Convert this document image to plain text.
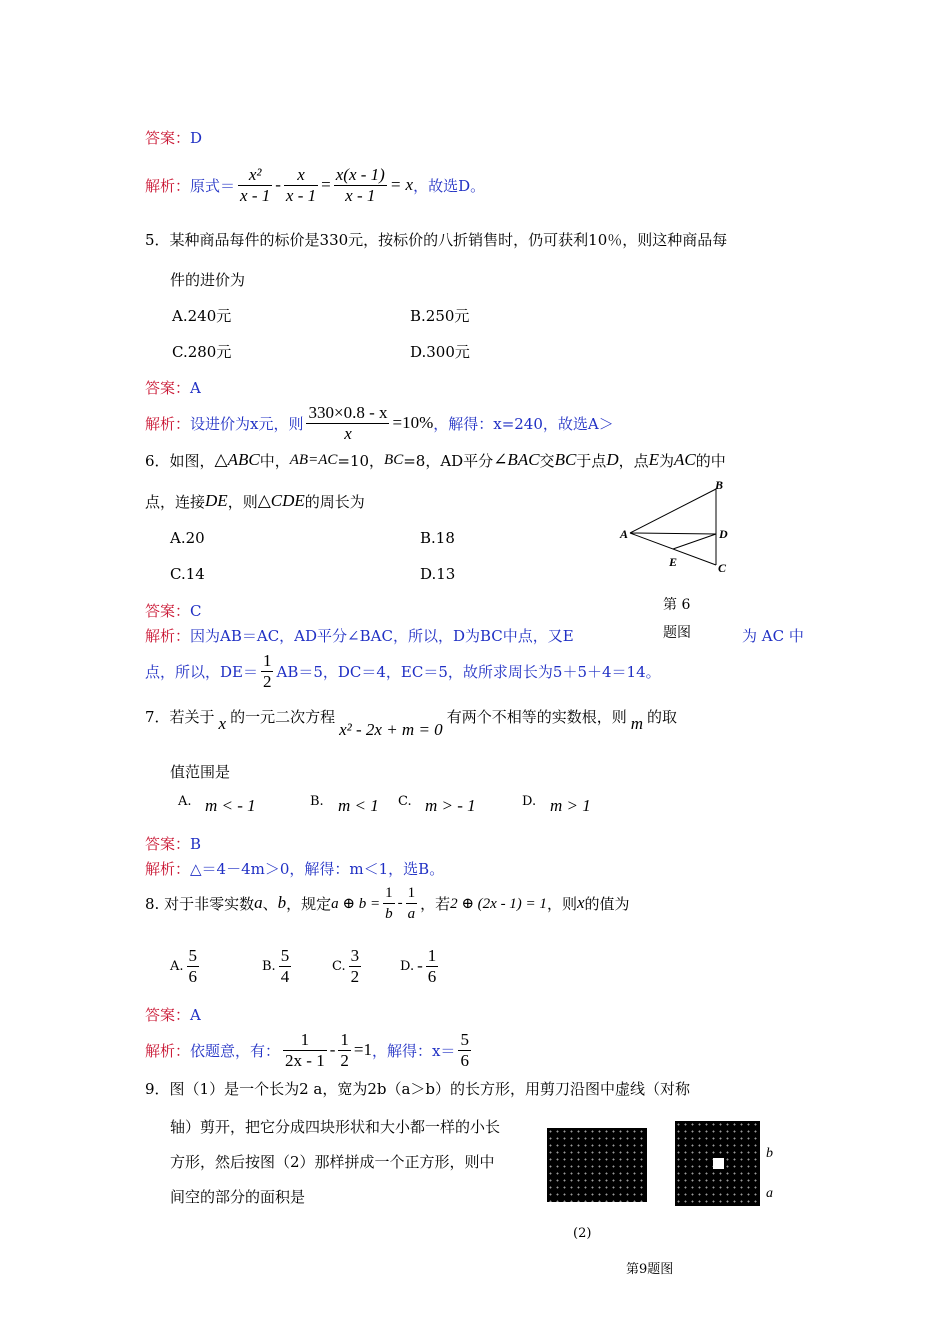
答案：D
解析： 原式＝ $\frac{\text{x²}}{x - 1} - \frac{x}{x - 1} = \frac{x(x - 1)}{x - 1} = x$ ，故选D。
5．某种商品每件的标价是330元，按标价的八折销售时，仍可获利10％，则这种商品每
件的进价为
A.240元	B.250元
C.280元	D.300元
答案：A
解析： 设进价为x元，则 $\frac{330\times 0.8 - x}{x} =10\%$ ，解得：x=240，故选A＞
6．如图， △ABC 中， AB=AC =10， BC =8，AD平分 ∠BAC 交 BC 于点 D ，点 E 为 AC 的中
点，连接 DE ，则 △CDE 的周长为
A.20	B.18
C.14	D.13
A
B
D
E	C
第 6
题图
答案：C
解析：因为AB＝AC，AD平分∠BAC，所以，D为BC中点，又E	为 AC 中
点，所以，$DE= \frac{1}{2} AB=5$，DC＝4，EC＝5，故所求周长为5＋5＋4＝14。
7．若关于 x 的一元二次方程
x² - 2x + m = 0
有两个不相等的实数根，则 m 的取
值范围是
A. m < - 1	B. m < 1 C. m > - 1	D. m > 1
答案：B
解析：△＝4－4m＞0，解得：m＜1，选B。
8. 对于非零实数 a 、 b ，规定 a ⊕ $b = \frac{1}{b} - \frac{1}{a}$ ，若 2 ⊕ (2x - 1) = 1 ，则 x 的值为
A. $\frac{5}{6}$	B. $\frac{5}{4}$	C. $\frac{3}{2}$	D. - $\frac{1}{6}$
答案：A
解析： 依题意，有： $\frac{1}{2x - 1} - \frac{1}{2} =1$ ，解得：$x= \frac{5}{6}$
9．图（1）是一个长为2 a，宽为2b（a＞b）的长方形，用剪刀沿图中虚线（对称
轴）剪开，把它分成四块形状和大小都一样的小长
方形，然后按图（2）那样拼成一个正方形，则中
间空的部分的面积是
b
a
(2)
第9题图
